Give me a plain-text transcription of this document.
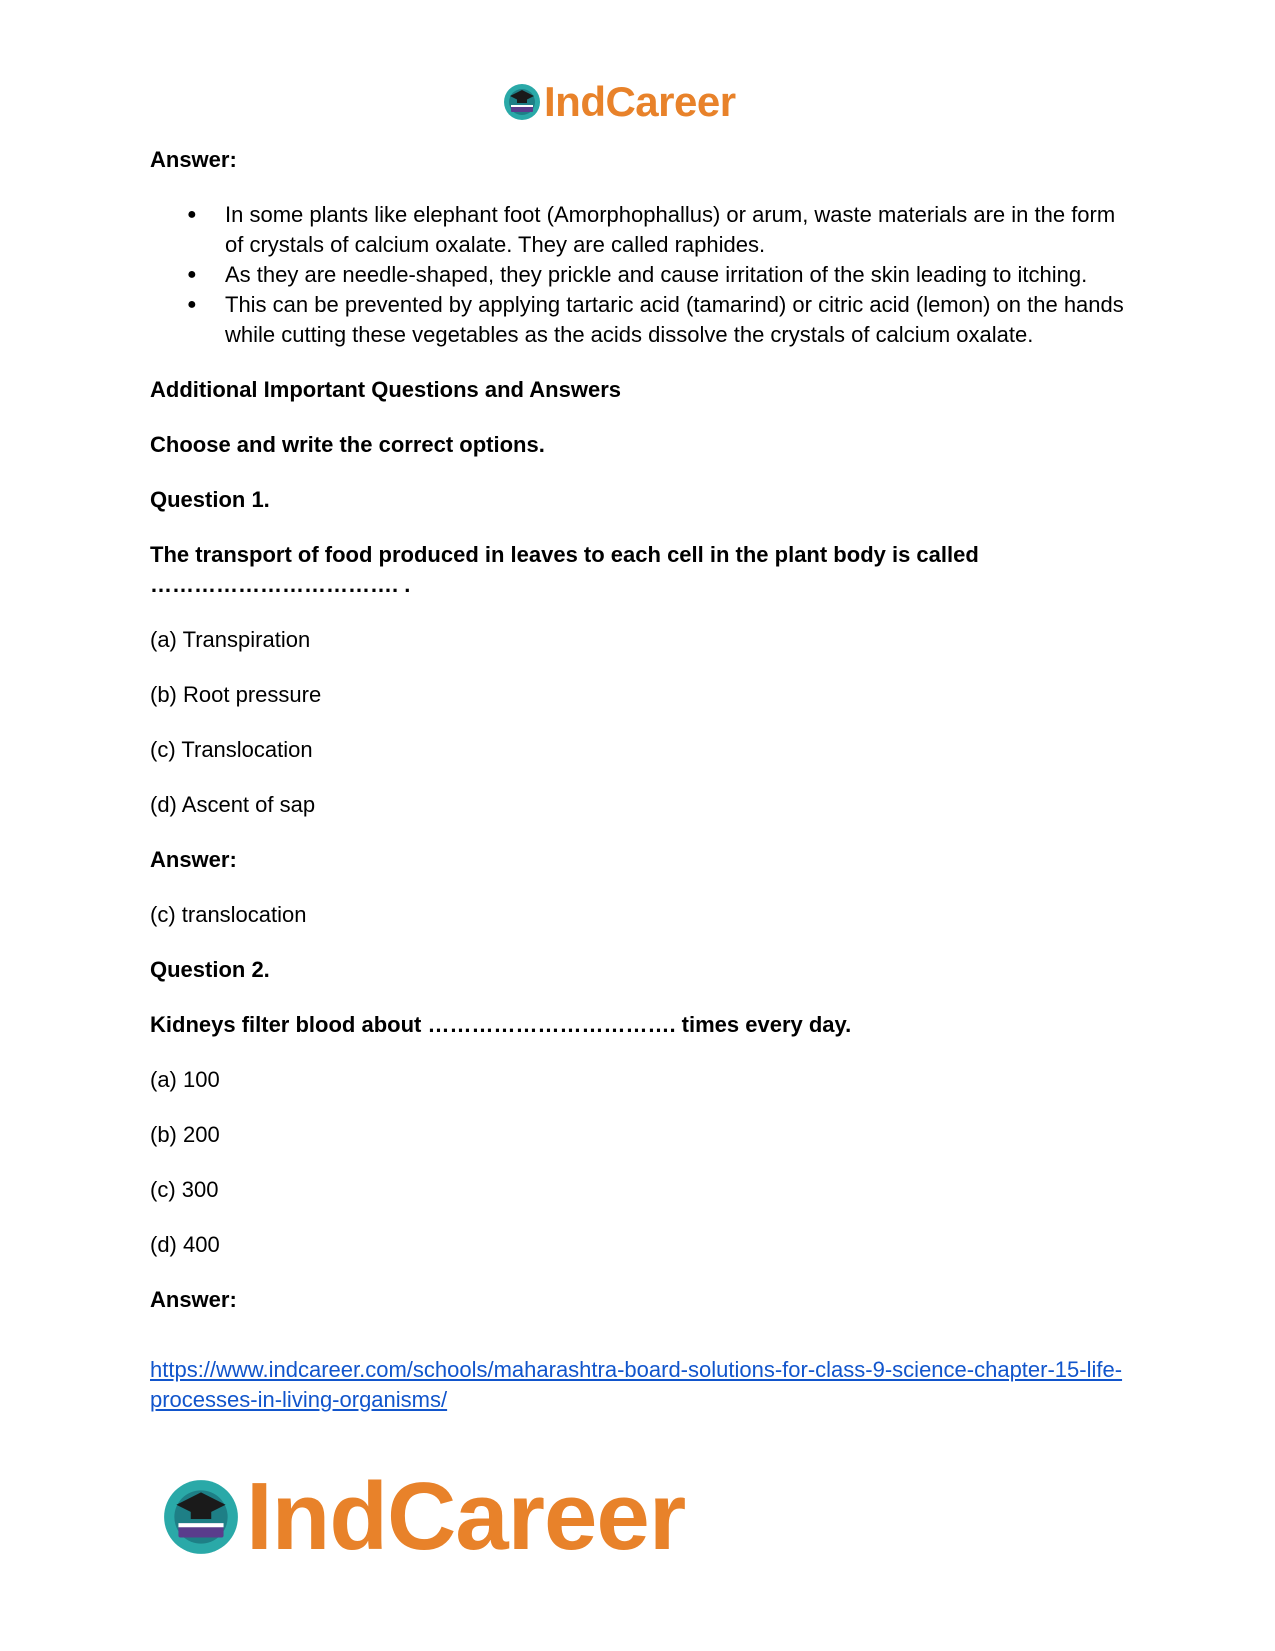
IndCareer

Answer:

● In some plants like elephant foot (Amorphophallus) or arum, waste materials are in the form of crystals of calcium oxalate. They are called raphides.
● As they are needle-shaped, they prickle and cause irritation of the skin leading to itching.
● This can be prevented by applying tartaric acid (tamarind) or citric acid (lemon) on the hands while cutting these vegetables as the acids dissolve the crystals of calcium oxalate.

Additional Important Questions and Answers

Choose and write the correct options.

Question 1.

The transport of food produced in leaves to each cell in the plant body is called ……………………………. .

(a) Transpiration

(b) Root pressure

(c) Translocation

(d) Ascent of sap

Answer:

(c) translocation

Question 2.

Kidneys filter blood about ……………………………. times every day.

(a) 100

(b) 200

(c) 300

(d) 400

Answer:

https://www.indcareer.com/schools/maharashtra-board-solutions-for-class-9-science-chapter-15-life-processes-in-living-organisms/

IndCareer
